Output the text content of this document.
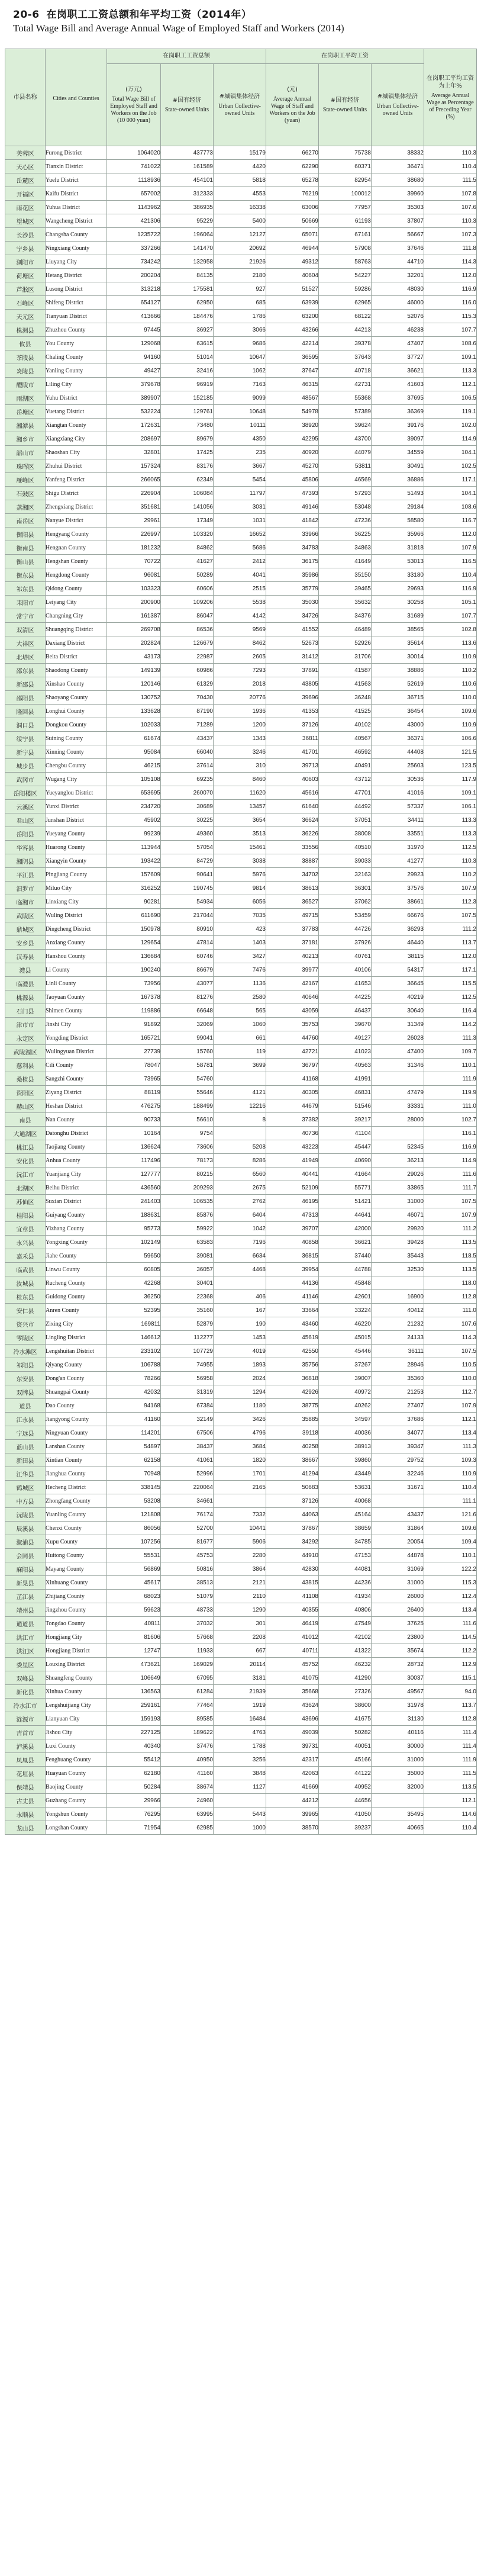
20-6 在岗职工工资总额和年平均工资（2014年）
Total Wage Bill and Average Annual Wage of Employed Staff and Workers (2014)
市县名称	Cities and Counties	在岗职工工资总额			在岗职工平均工资			在岗职工平均工资为上年%
Average Annual Wage as Percentage of Preceding Year (%)

		(万元)
Total Wage Bill of Employed Staff and Workers on the Job (10 000 yuan)	#国有经济
State-owned Units	#城镇集体经济
Urban Collective-owned Units	(元)
Average Annual Wage of Staff and Workers on the Job (yuan)	#国有经济
State-owned Units	#城镇集体经济
Urban Collective-owned Units	

芙蓉区	Furong District	1064020	437773	15179	66270	75738	38332	110.3
天心区	Tianxin District	741022	161589	4420	62290	60371	36471	110.4
岳麓区	Yuelu District	1118936	454101	5818	65278	82954	38680	111.5
开福区	Kaifu District	657002	312333	4553	76219	100012	39960	107.8
雨花区	Yuhua District	1143962	386935	16338	63006	77957	35303	107.6
望城区	Wangcheng District	421306	95229	5400	50669	61193	37807	110.3
长沙县	Changsha County	1235722	196064	12127	65071	67161	56667	107.3
宁乡县	Ningxiang County	337266	141470	20692	46944	57908	37646	111.8
浏阳市	Liuyang City	734242	132958	21926	49312	58763	44710	114.3
荷塘区	Hetang District	200204	84135	2180	40604	54227	32201	112.0
芦淞区	Lusong District	313218	175581	927	51527	59286	48030	116.9
石峰区	Shifeng District	654127	62950	685	63939	62965	46000	116.0
天元区	Tianyuan District	413666	184476	1786	63200	68122	52076	115.3
株洲县	Zhuzhou County	97445	36927	3066	43266	44213	46238	107.7
攸县	You County	129068	63615	9686	42214	39378	47407	108.6
茶陵县	Chaling County	94160	51014	10647	36595	37643	37727	109.1
炎陵县	Yanling County	49427	32416	1062	37647	40718	36621	113.3
醴陵市	Liling City	379678	96919	7163	46315	42731	41603	112.1
雨湖区	Yuhu District	389907	152185	9099	48567	55368	37695	106.5
岳塘区	Yuetang District	532224	129761	10648	54978	57389	36369	119.1
湘潭县	Xiangtan County	172631	73480	10111	38920	39624	39176	102.0
湘乡市	Xiangxiang City	208697	89679	4350	42295	43700	39097	114.9
韶山市	Shaoshan City	32801	17425	235	40920	44079	34559	104.1
珠晖区	Zhuhui District	157324	83176	3667	45270	53811	30491	102.5
雁峰区	Yanfeng District	266065	62349	5454	45806	46569	36886	117.1
石鼓区	Shigu District	226904	106084	11797	47393	57293	51493	104.1
蒸湘区	Zhengxiang District	351681	141056	3031	49146	53048	29184	108.6
南岳区	Nanyue District	29961	17349	1031	41842	47236	58580	116.7
衡阳县	Hengyang County	226997	103320	16652	33966	36225	35966	112.0
衡南县	Hengnan County	181232	84862	5686	34783	34863	31818	107.9
衡山县	Hengshan County	70722	41627	2412	36175	41649	53013	116.5
衡东县	Hengdong County	96081	50289	4041	35986	35150	33180	110.4
祁东县	Qidong County	103323	60606	2515	35779	39465	29693	116.9
耒阳市	Leiyang City	200900	109206	5538	35030	35632	30258	105.1
常宁市	Changning City	161387	86047	4142	34726	34376	31689	107.7
双清区	Shuangqing District	269708	86536	9569	41552	46489	38565	102.8
大祥区	Daxiang District	202824	126679	8462	52673	52926	35614	113.6
北塔区	Beita District	43173	22987	2605	31412	31706	30014	110.9
邵东县	Shaodong County	149139	60986	7293	37891	41587	38886	110.2
新邵县	Xinshao County	120146	61329	2018	43805	41563	52619	110.6
邵阳县	Shaoyang County	130752	70430	20776	39696	36248	36715	110.0
隆回县	Longhui County	133628	87190	1936	41353	41525	36454	109.6
洞口县	Dongkou County	102033	71289	1200	37126	40102	43000	110.9
绥宁县	Suining County	61674	43437	1343	36811	40567	36371	106.6
新宁县	Xinning County	95084	66040	3246	41701	46592	44408	121.5
城步县	Chengbu County	46215	37614	310	39713	40491	25603	123.5
武冈市	Wugang City	105108	69235	8460	40603	43712	30536	117.9
岳阳楼区	Yueyanglou District	653695	260070	11620	45616	47701	41016	109.1
云溪区	Yunxi District	234720	30689	13457	61640	44492	57337	106.1
君山区	Junshan District	45902	30225	3654	36624	37051	34411	113.3
岳阳县	Yueyang County	99239	49360	3513	36226	38008	33551	113.3
华容县	Huarong County	113944	57054	15461	33556	40510	31970	112.5
湘阴县	Xiangyin County	193422	84729	3038	38887	39033	41277	110.3
平江县	Pingjiang County	157609	90641	5976	34702	32163	29923	110.2
汨罗市	Miluo City	316252	190745	9814	38613	36301	37576	107.9
临湘市	Linxiang City	90281	54934	6056	36527	37062	38661	112.3
武陵区	Wuling District	611690	217044	7035	49715	53459	66676	107.5
鼎城区	Dingcheng District	150978	80910	423	37783	44726	36293	111.2
安乡县	Anxiang County	129654	47814	1403	37181	37926	46440	113.7
汉寿县	Hanshou County	136684	60746	3427	40213	40761	38115	112.0
澧县	Li County	190240	86679	7476	39977	40106	54317	117.1
临澧县	Linli County	73956	43077	1136	42167	41653	36645	115.5
桃源县	Taoyuan County	167378	81276	2580	40646	44225	40219	112.5
石门县	Shimen County	119886	66648	565	43059	46437	30640	116.4
津市市	Jinshi City	91892	32069	1060	35753	39670	31349	114.2
永定区	Yongding District	165721	99041	661	44760	49127	26028	111.3
武陵源区	Wulingyuan District	27739	15760	119	42721	41023	47400	109.7
慈利县	Cili County	78047	58781	3699	36797	40563	31346	110.1
桑植县	Sangzhi County	73965	54760		41168	41991		111.9
资阳区	Ziyang District	88119	55646	4121	40305	46831	47479	119.9
赫山区	Heshan District	476275	188499	12216	44679	51546	33331	111.0
南县	Nan County	90733	56610	8	37382	39217	28000	102.7
大通湖区	Datonghu District	10164	9754		40736	41104		116.1
桃江县	Taojiang County	136624	73606	5208	43223	45447	52345	116.9
安化县	Anhua County	117496	78173	8286	41949	40690	36213	114.9
沅江市	Yuanjiang City	127777	80215	6560	40441	41664	29026	111.6
北湖区	Beihu District	436560	209293	2675	52109	55771	33865	111.7
苏仙区	Suxian District	241403	106535	2762	46195	51421	31000	107.5
桂阳县	Guiyang County	188631	85876	6404	47313	44641	46071	107.9
宜章县	Yizhang County	95773	59922	1042	39707	42000	29920	111.2
永兴县	Yongxing County	102149	63583	7196	40858	36621	39428	113.5
嘉禾县	Jiahe County	59650	39081	6634	36815	37440	35443	118.5
临武县	Linwu County	60805	36057	4468	39954	44788	32530	113.5
汝城县	Rucheng County	42268	30401		44136	45848		118.0
桂东县	Guidong County	36250	22368	406	41146	42601	16900	112.8
安仁县	Anren County	52395	35160	167	33664	33224	40412	111.0
资兴市	Zixing City	169811	52879	190	43460	46220	21232	107.6
零陵区	Lingling District	146612	112277	1453	45619	45015	24133	114.3
冷水滩区	Lengshuitan District	233102	107729	4019	42550	45446	36111	107.5
祁阳县	Qiyang County	106788	74955	1893	35756	37267	28946	110.5
东安县	Dong'an County	78266	56958	2024	36818	39007	35360	110.0
双牌县	Shuangpai County	42032	31319	1294	42926	40972	21253	112.7
道县	Dao County	94168	67384	1180	38775	40262	27407	107.9
江永县	Jiangyong County	41160	32149	3426	35885	34597	37686	112.1
宁远县	Ningyuan County	114201	67506	4796	39118	40036	34077	113.4
蓝山县	Lanshan County	54897	38437	3684	40258	38913	39347	111.3
新田县	Xintian County	62158	41061	1820	38667	39860	29752	109.3
江华县	Jianghua County	70948	52996	1701	41294	43449	32246	110.9
鹤城区	Hecheng District	338145	220064	2165	50683	53631	31671	110.4
中方县	Zhongfang County	53208	34661		37126	40068		111.1
沅陵县	Yuanling County	121808	76174	7332	44063	45164	43437	121.6
辰溪县	Chenxi County	86056	52700	10441	37867	38659	31864	109.6
溆浦县	Xupu County	107256	81677	5906	34292	34785	20054	109.4
会同县	Huitong County	55531	45753	2280	44910	47153	44878	110.1
麻阳县	Mayang County	56869	50816	3864	42830	44081	31069	122.2
新晃县	Xinhuang County	45617	38513	2121	43815	44236	31000	115.3
芷江县	Zhijiang County	68023	51079	2110	41108	41934	26000	112.4
靖州县	Jingzhou County	59623	48733	1290	40355	40806	26400	113.4
通道县	Tongdao County	40811	37032	301	46419	47549	37625	111.6
洪江市	Hongjiang City	81606	57668	2208	41012	42102	23800	114.5
洪江区	Hongjiang District	12747	11933	667	40711	41322	35674	112.2
娄星区	Louxing District	473621	169029	20114	45752	46232	28732	112.9
双峰县	Shuangfeng County	106649	67095	3181	41075	41290	30037	115.1
新化县	Xinhua County	136563	61284	21939	35668	27326	49567	94.0
冷水江市	Lengshuijiang City	259161	77464	1919	43624	38600	31978	113.7
涟源市	Lianyuan City	159193	89585	16484	43696	41675	31130	112.8
吉首市	Jishou City	227125	189622	4763	49039	50282	40116	111.4
泸溪县	Luxi County	40340	37476	1788	39731	40051	30000	111.4
凤凰县	Fenghuang County	55412	40950	3256	42317	45166	31000	111.9
花垣县	Huayuan County	62180	41160	3848	42063	44122	35000	111.5
保靖县	Baojing County	50284	38674	1127	41669	40952	32000	113.5
古丈县	Guzhang County	29966	24960		44212	44656		112.1
永顺县	Yongshun County	76295	63995	5443	39965	41050	35495	114.6
龙山县	Longshan County	71954	62985	1000	38570	39237	40665	110.4
